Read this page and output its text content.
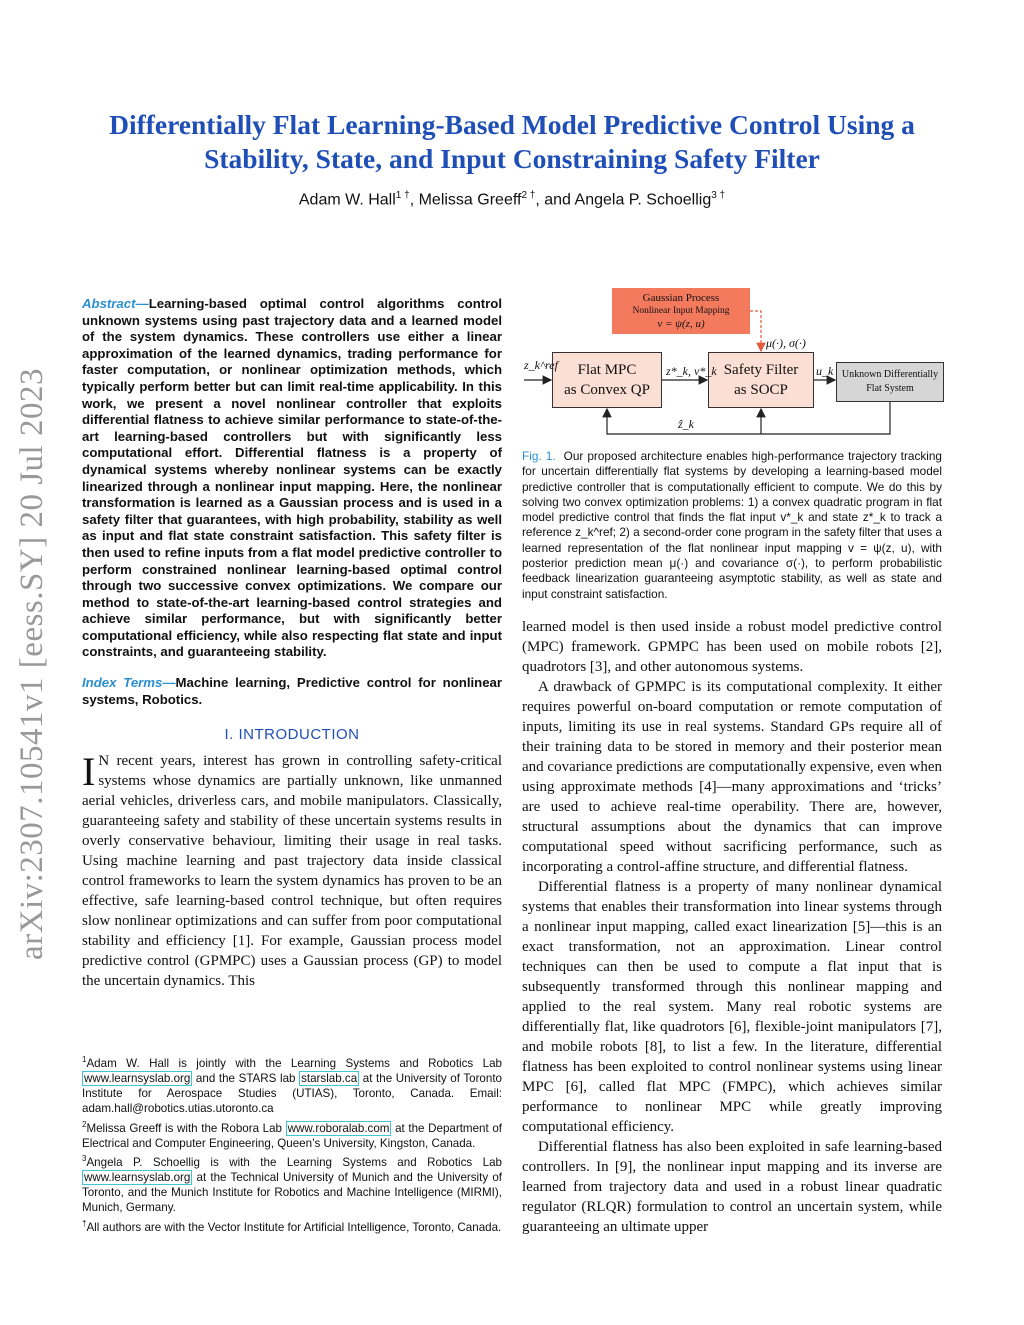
Differentially Flat Learning-Based Model Predictive Control Using a Stability, State, and Input Constraining Safety Filter
Adam W. Hall$^{1 \dagger}$, Melissa Greeff$^{2 \dagger}$, and Angela P. Schoellig$^{3 \dagger}$
arXiv:2307.10541v1 [eess.SY] 20 Jul 2023

Abstract—Learning-based optimal control algorithms control unknown systems using past trajectory data and a learned model of the system dynamics. These controllers use either a linear approximation of the learned dynamics, trading performance for faster computation, or nonlinear optimization methods, which typically perform better but can limit real-time applicability. In this work, we present a novel nonlinear controller that exploits differential flatness to achieve similar performance to state-of-the-art learning-based controllers but with significantly less computational effort. Differential flatness is a property of dynamical systems whereby nonlinear systems can be exactly linearized through a nonlinear input mapping. Here, the nonlinear transformation is learned as a Gaussian process and is used in a safety filter that guarantees, with high probability, stability as well as input and flat state constraint satisfaction. This safety filter is then used to refine inputs from a flat model predictive controller to perform constrained nonlinear learning-based optimal control through two successive convex optimizations. We compare our method to state-of-the-art learning-based control strategies and achieve similar performance, but with significantly better computational efficiency, while also respecting flat state and input constraints, and guaranteeing stability.

Index Terms—Machine learning, Predictive control for nonlinear systems, Robotics.

I. INTRODUCTION

I N recent years, interest has grown in controlling safety-critical systems whose dynamics are partially unknown, like unmanned aerial vehicles, driverless cars, and mobile manipulators. Classically, guaranteeing safety and stability of these uncertain systems results in overly conservative behaviour, limiting their usage in real tasks. Using machine learning and past trajectory data inside classical control frameworks to learn the system dynamics has proven to be an effective, safe learning-based control technique, but often requires slow nonlinear optimizations and can suffer from poor computational stability and efficiency [1]. For example, Gaussian process model predictive control (GPMPC) uses a Gaussian process (GP) to model the uncertain dynamics. This

$^1$Adam W. Hall is jointly with the Learning Systems and Robotics Lab www.learnsyslab.org and the STARS lab starslab.ca at the University of Toronto Institute for Aerospace Studies (UTIAS), Toronto, Canada. Email: adam.hall@robotics.utias.utoronto.ca

$^2$Melissa Greeff is with the Robora Lab www.roboralab.com at the Department of Electrical and Computer Engineering, Queen’s University, Kingston, Canada.

$^3$Angela P. Schoellig is with the Learning Systems and Robotics Lab www.learnsyslab.org at the Technical University of Munich and the University of Toronto, and the Munich Institute for Robotics and Machine Intelligence (MIRMI), Munich, Germany.

†All authors are with the Vector Institute for Artificial Intelligence, Toronto, Canada.

Gaussian Process
Nonlinear Input Mapping
v = ψ(z, u)
Flat MPC
as Convex QP
Safety Filter
as SOCP
Unknown Differentially
Flat System
z_k^ref	z*_k, v*_k
μ(·), σ(·)
u_k
ẑ_k

Fig. 1. Our proposed architecture enables high-performance trajectory tracking for uncertain differentially flat systems by developing a learning-based model predictive controller that is computationally efficient to compute. We do this by solving two convex optimization problems: 1) a convex quadratic program in flat model predictive control that finds the flat input v*_k and state z*_k to track a reference z_k^ref; 2) a second-order cone program in the safety filter that uses a learned representation of the flat nonlinear input mapping v = ψ(z, u), with posterior prediction mean μ(·) and covariance σ(·), to perform probabilistic feedback linearization guaranteeing asymptotic stability, as well as state and input constraint satisfaction.

learned model is then used inside a robust model predictive control (MPC) framework. GPMPC has been used on mobile robots [2], quadrotors [3], and other autonomous systems.

A drawback of GPMPC is its computational complexity. It either requires powerful on-board computation or remote computation of inputs, limiting its use in real systems. Standard GPs require all of their training data to be stored in memory and their posterior mean and covariance predictions are computationally expensive, even when using approximate methods [4]—many approximations and ‘tricks’ are used to achieve real-time operability. There are, however, structural assumptions about the dynamics that can improve computational speed without sacrificing performance, such as incorporating a control-affine structure, and differential flatness.

Differential flatness is a property of many nonlinear dynamical systems that enables their transformation into linear systems through a nonlinear input mapping, called exact linearization [5]—this is an exact transformation, not an approximation. Linear control techniques can then be used to compute a flat input that is subsequently transformed through this nonlinear mapping and applied to the real system. Many real robotic systems are differentially flat, like quadrotors [6], flexible-joint manipulators [7], and mobile robots [8], to list a few. In the literature, differential flatness has been exploited to control nonlinear systems using linear MPC [6], called flat MPC (FMPC), which achieves similar performance to nonlinear MPC while greatly improving computational efficiency.

Differential flatness has also been exploited in safe learning-based controllers. In [9], the nonlinear input mapping and its inverse are learned from trajectory data and used in a robust linear quadratic regulator (RLQR) formulation to control an uncertain system, while guaranteeing an ultimate upper
